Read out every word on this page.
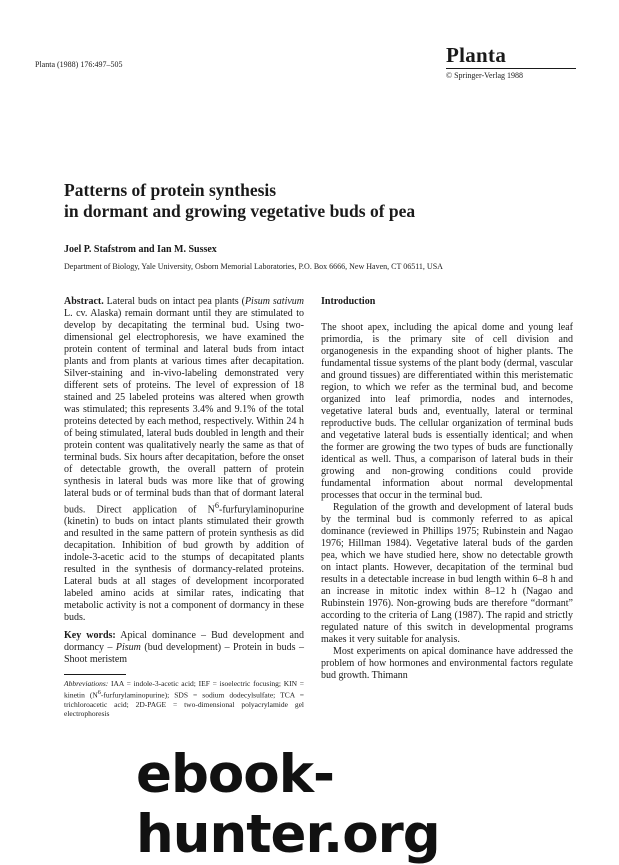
Planta (1988) 176:497–505	Planta
© Springer-Verlag 1988
Patterns of protein synthesis
in dormant and growing vegetative buds of pea
Joel P. Stafstrom and Ian M. Sussex
Department of Biology, Yale University, Osborn Memorial Laboratories, P.O. Box 6666, New Haven, CT 06511, USA

Abstract. Lateral buds on intact pea plants (Pisum sativum L. cv. Alaska) remain dormant until they are stimulated to develop by decapitating the terminal bud. Using two-dimensional gel electrophoresis, we have examined the protein content of terminal and lateral buds from intact plants and from plants at various times after decapitation. Silver-staining and in-vivo-labeling demonstrated very different sets of proteins. The level of expression of 18 stained and 25 labeled proteins was altered when growth was stimulated; this represents 3.4% and 9.1% of the total proteins detected by each method, respectively. Within 24 h of being stimulated, lateral buds doubled in length and their protein content was qualitatively nearly the same as that of terminal buds. Six hours after decapitation, before the onset of detectable growth, the overall pattern of protein synthesis in lateral buds was more like that of growing lateral buds or of terminal buds than that of dormant lateral buds. Direct application of $N^6$-furfurylaminopurine (kinetin) to buds on intact plants stimulated their growth and resulted in the same pattern of protein synthesis as did decapitation. Inhibition of bud growth by addition of indole-3-acetic acid to the stumps of decapitated plants resulted in the synthesis of dormancy-related proteins. Lateral buds at all stages of development incorporated labeled amino acids at similar rates, indicating that metabolic activity is not a component of dormancy in these buds.

Key words: Apical dominance – Bud development and dormancy – Pisum (bud development) – Protein in buds – Shoot meristem

Abbreviations: IAA = indole-3-acetic acid; IEF = isoelectric focusing; KIN = kinetin $(N^6-furfurylaminopurine)$; SDS = sodium dodecylsulfate; TCA = trichloroacetic acid; 2D-PAGE = two-dimensional polyacrylamide gel electrophoresis

Introduction

The shoot apex, including the apical dome and young leaf primordia, is the primary site of cell division and organogenesis in the expanding shoot of higher plants. The fundamental tissue systems of the plant body (dermal, vascular and ground tissues) are differentiated within this meristematic region, to which we refer as the terminal bud, and become organized into leaf primordia, nodes and internodes, vegetative lateral buds and, eventually, lateral or terminal reproductive buds. The cellular organization of terminal buds and vegetative lateral buds is essentially identical; and when the former are growing the two types of buds are functionally identical as well. Thus, a comparison of lateral buds in their growing and non-growing conditions could provide fundamental information about normal developmental processes that occur in the terminal bud.

Regulation of the growth and development of lateral buds by the terminal bud is commonly referred to as apical dominance (reviewed in Phillips 1975; Rubinstein and Nagao 1976; Hillman 1984). Vegetative lateral buds of the garden pea, which we have studied here, show no detectable growth on intact plants. However, decapitation of the terminal bud results in a detectable increase in bud length within 6–8 h and an increase in mitotic index within 8–12 h (Nagao and Rubinstein 1976). Non-growing buds are therefore “dormant” according to the criteria of Lang (1987). The rapid and strictly regulated nature of this switch in developmental programs makes it very suitable for analysis.

Most experiments on apical dominance have addressed the problem of how hormones and environmental factors regulate bud growth. Thimann

ebook-hunter.org
